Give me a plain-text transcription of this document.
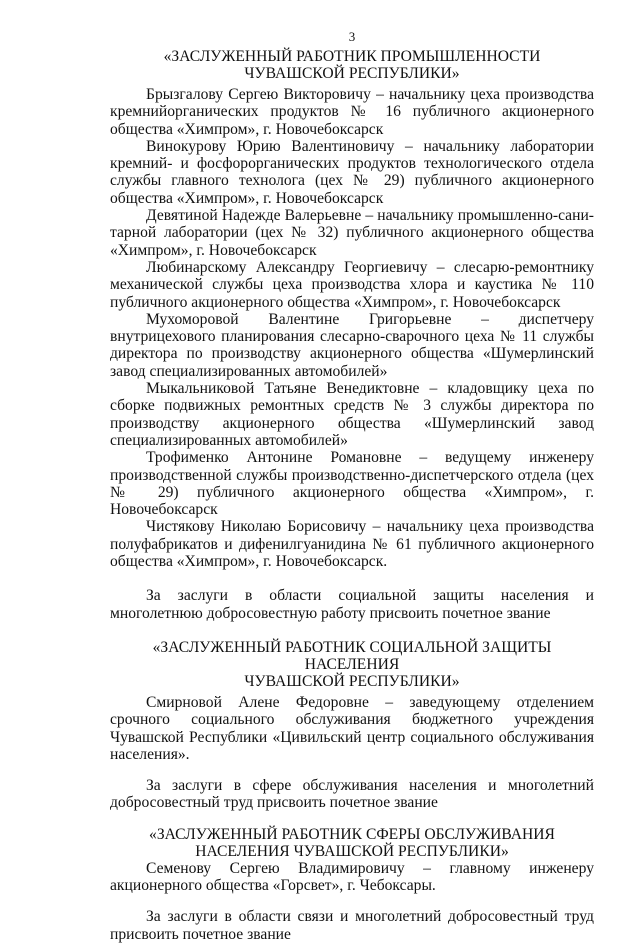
3

«ЗАСЛУЖЕННЫЙ РАБОТНИК ПРОМЫШЛЕННОСТИ

ЧУВАШСКОЙ РЕСПУБЛИКИ»

Брызгалову Сергею Викторовичу – начальнику цеха производства кремнийорганических продуктов № 16 публичного акционерного общества «Химпром», г. Новочебоксарск

Винокурову Юрию Валентиновичу – начальнику лаборатории кремний- и фосфорорганических продуктов технологического отдела службы главного технолога (цех № 29) публичного акционерного общества «Химпром», г. Новочебоксарск

Девятиной Надежде Валерьевне – начальнику промышленно-санитарной лаборатории (цех № 32) публичного акционерного общества «Химпром», г. Новочебоксарск

Любинарскому Александру Георгиевичу – слесарю-ремонтнику механической службы цеха производства хлора и каустика № 110 публичного акционерного общества «Химпром», г. Новочебоксарск

Мухоморовой Валентине Григорьевне – диспетчеру внутрицехового планирования слесарно-сварочного цеха № 11 службы директора по производству акционерного общества «Шумерлинский завод специализированных автомобилей»

Мыкальниковой Татьяне Венедиктовне – кладовщику цеха по сборке подвижных ремонтных средств № 3 службы директора по производству акционерного общества «Шумерлинский завод специализированных автомобилей»

Трофименко Антонине Романовне – ведущему инженеру производственной службы производственно-диспетчерского отдела (цех № 29) публичного акционерного общества «Химпром», г. Новочебоксарск

Чистякову Николаю Борисовичу – начальнику цеха производства полуфабрикатов и дифенилгуанидина № 61 публичного акционерного общества «Химпром», г. Новочебоксарск.

За заслуги в области социальной защиты населения и многолетнюю добросовестную работу присвоить почетное звание

«ЗАСЛУЖЕННЫЙ РАБОТНИК СОЦИАЛЬНОЙ ЗАЩИТЫ НАСЕЛЕНИЯ

ЧУВАШСКОЙ РЕСПУБЛИКИ»

Смирновой Алене Федоровне – заведующему отделением срочного социального обслуживания бюджетного учреждения Чувашской Республики «Цивильский центр социального обслуживания населения».

За заслуги в сфере обслуживания населения и многолетний добросовестный труд присвоить почетное звание

«ЗАСЛУЖЕННЫЙ РАБОТНИК СФЕРЫ ОБСЛУЖИВАНИЯ

НАСЕЛЕНИЯ ЧУВАШСКОЙ РЕСПУБЛИКИ»

Семенову Сергею Владимировичу – главному инженеру акционерного общества «Горсвет», г. Чебоксары.

За заслуги в области связи и многолетний добросовестный труд присвоить почетное звание
